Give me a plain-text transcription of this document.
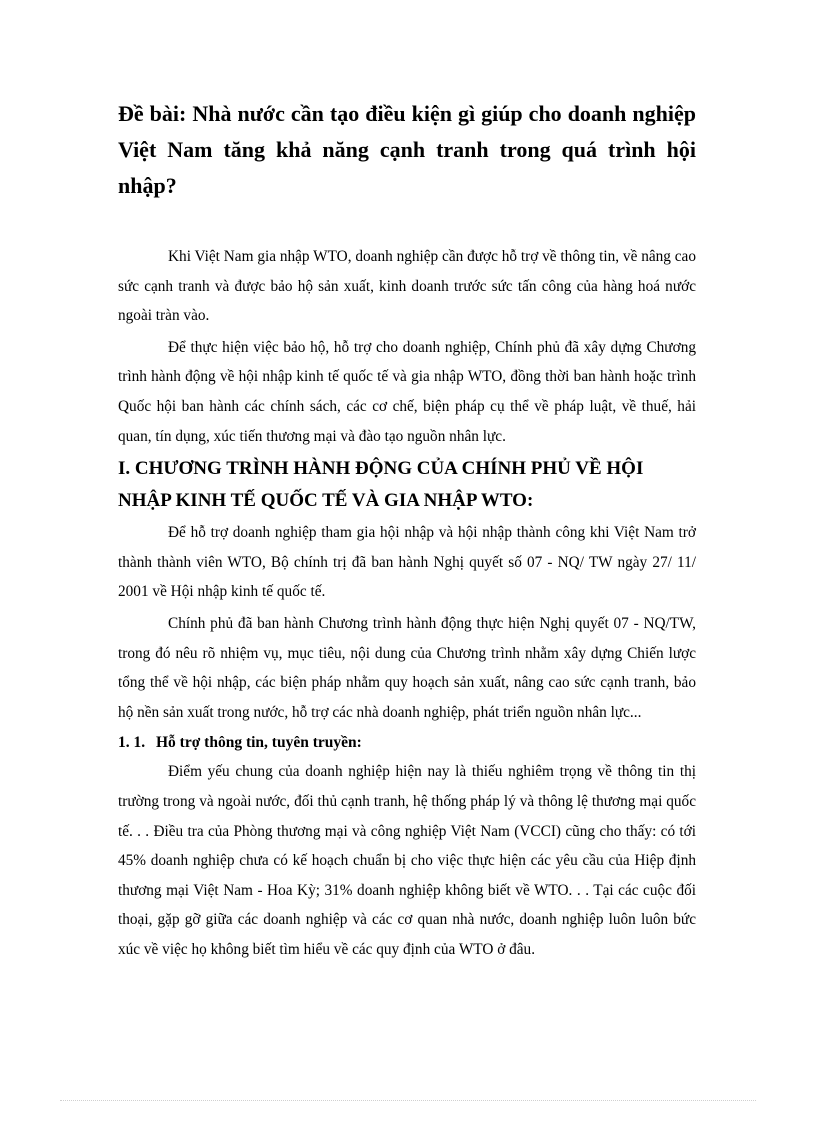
Đề bài: Nhà nước cần tạo điều kiện gì giúp cho doanh nghiệp Việt Nam tăng khả năng cạnh tranh trong quá trình hội nhập?

Khi Việt Nam gia nhập WTO, doanh nghiệp cần được hỗ trợ về thông tin, về nâng cao sức cạnh tranh và được bảo hộ sản xuất, kinh doanh trước sức tấn công của hàng hoá nước ngoài tràn vào.

Để thực hiện việc bảo hộ, hỗ trợ cho doanh nghiệp, Chính phủ đã xây dựng Chương trình hành động về hội nhập kinh tế quốc tế và gia nhập WTO, đồng thời ban hành hoặc trình Quốc hội ban hành các chính sách, các cơ chế, biện pháp cụ thể về pháp luật, về thuế, hải quan, tín dụng, xúc tiến thương mại và đào tạo nguồn nhân lực.

I. CHƯƠNG TRÌNH HÀNH ĐỘNG CỦA CHÍNH PHỦ VỀ HỘI NHẬP KINH TẾ QUỐC TẾ VÀ GIA NHẬP WTO:

Để hỗ trợ doanh nghiệp tham gia hội nhập và hội nhập thành công khi Việt Nam trở thành thành viên WTO, Bộ chính trị đã ban hành Nghị quyết số 07 - NQ/ TW ngày 27/ 11/ 2001 về Hội nhập kinh tế quốc tế.

Chính phủ đã ban hành Chương trình hành động thực hiện Nghị quyết 07 - NQ/TW, trong đó nêu rõ nhiệm vụ, mục tiêu, nội dung của Chương trình nhằm xây dựng Chiến lược tổng thể về hội nhập, các biện pháp nhằm quy hoạch sản xuất, nâng cao sức cạnh tranh, bảo hộ nền sản xuất trong nước, hỗ trợ các nhà doanh nghiệp, phát triển nguồn nhân lực...

1. 1. Hỗ trợ thông tin, tuyên truyền:

Điểm yếu chung của doanh nghiệp hiện nay là thiếu nghiêm trọng về thông tin thị trường trong và ngoài nước, đối thủ cạnh tranh, hệ thống pháp lý và thông lệ thương mại quốc tế. . . Điều tra của Phòng thương mại và công nghiệp Việt Nam (VCCI) cũng cho thấy: có tới 45% doanh nghiệp chưa có kế hoạch chuẩn bị cho việc thực hiện các yêu cầu của Hiệp định thương mại Việt Nam - Hoa Kỳ; 31% doanh nghiệp không biết về WTO. . . Tại các cuộc đối thoại, gặp gỡ giữa các doanh nghiệp và các cơ quan nhà nước, doanh nghiệp luôn luôn bức xúc về việc họ không biết tìm hiểu về các quy định của WTO ở đâu.
